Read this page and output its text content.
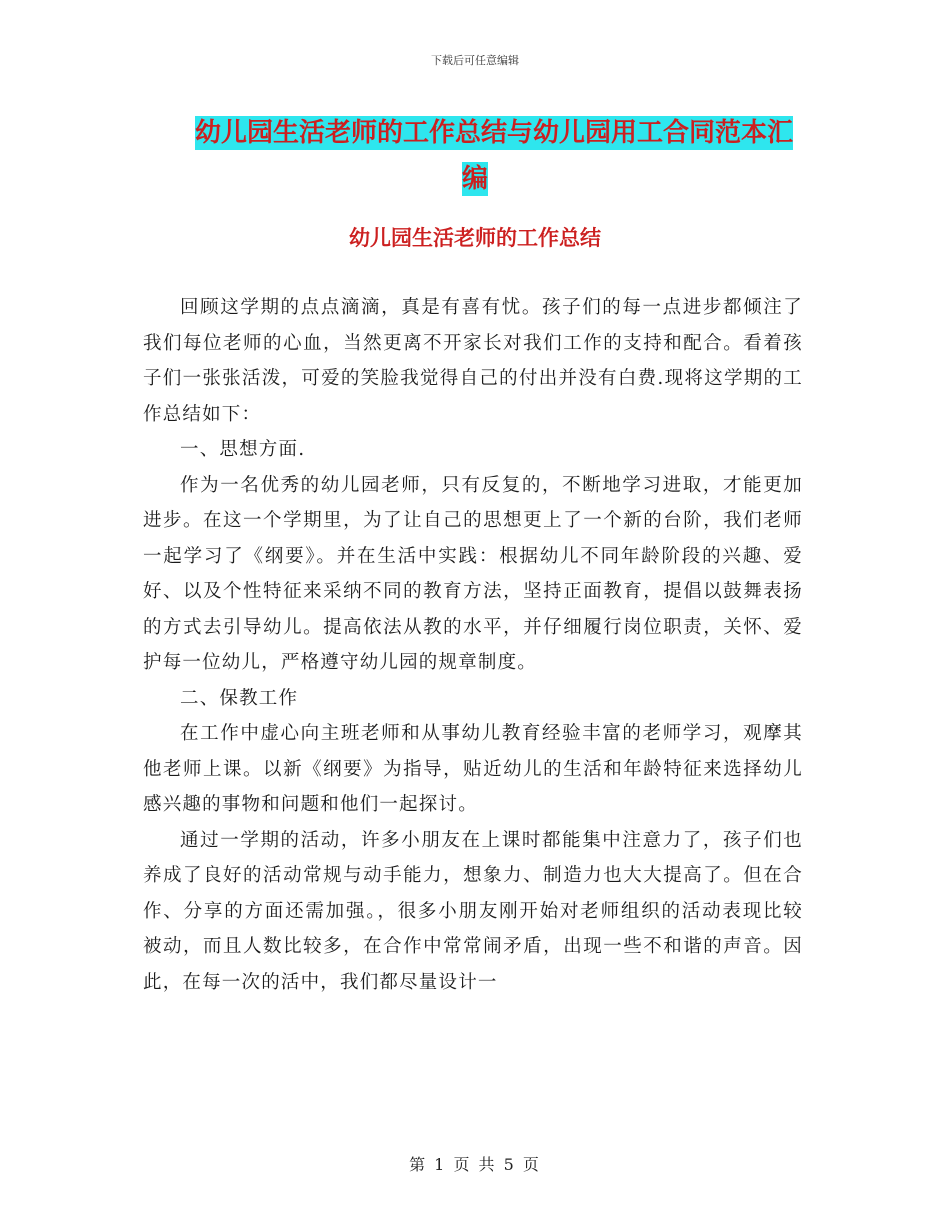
下载后可任意编辑
幼儿园生活老师的工作总结与幼儿园用工合同范本汇
编
幼儿园生活老师的工作总结

回顾这学期的点点滴滴，真是有喜有忧。孩子们的每一点进步都倾注了我们每位老师的心血，当然更离不开家长对我们工作的支持和配合。看着孩子们一张张活泼，可爱的笑脸我觉得自己的付出并没有白费.现将这学期的工作总结如下：

一、思想方面.

作为一名优秀的幼儿园老师，只有反复的，不断地学习进取，才能更加进步。在这一个学期里，为了让自己的思想更上了一个新的台阶，我们老师一起学习了《纲要》。并在生活中实践：根据幼儿不同年龄阶段的兴趣、爱好、以及个性特征来采纳不同的教育方法，坚持正面教育，提倡以鼓舞表扬的方式去引导幼儿。提高依法从教的水平，并仔细履行岗位职责，关怀、爱护每一位幼儿，严格遵守幼儿园的规章制度。

二、保教工作

在工作中虚心向主班老师和从事幼儿教育经验丰富的老师学习，观摩其他老师上课。以新《纲要》为指导，贴近幼儿的生活和年龄特征来选择幼儿感兴趣的事物和问题和他们一起探讨。

通过一学期的活动，许多小朋友在上课时都能集中注意力了，孩子们也养成了良好的活动常规与动手能力，想象力、制造力也大大提高了。但在合作、分享的方面还需加强。，很多小朋友刚开始对老师组织的活动表现比较被动，而且人数比较多，在合作中常常闹矛盾，出现一些不和谐的声音。因此，在每一次的活中，我们都尽量设计一

第 1 页 共 5 页
